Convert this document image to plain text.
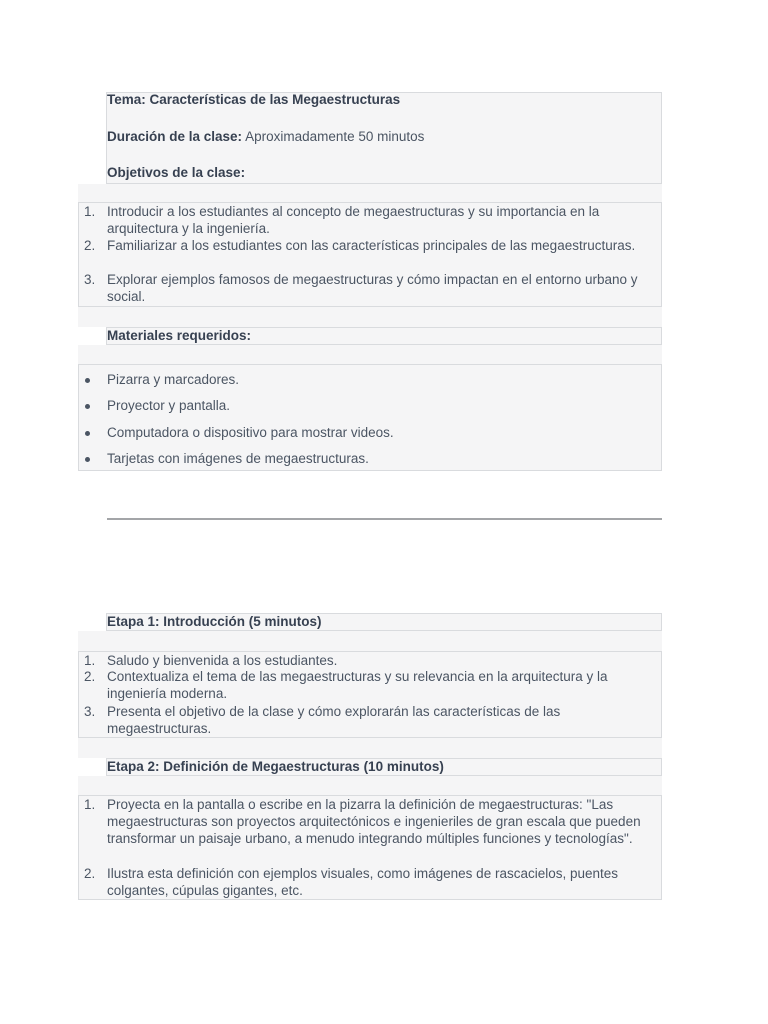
Tema: Características de las Megaestructuras
Duración de la clase: Aproximadamente 50 minutos
Objetivos de la clase:
1. Introducir a los estudiantes al concepto de megaestructuras y su importancia en la arquitectura y la ingeniería.
2. Familiarizar a los estudiantes con las características principales de las megaestructuras.
3. Explorar ejemplos famosos de megaestructuras y cómo impactan en el entorno urbano y social.
Materiales requeridos:
Pizarra y marcadores.
Proyector y pantalla.
Computadora o dispositivo para mostrar videos.
Tarjetas con imágenes de megaestructuras.
Etapa 1: Introducción (5 minutos)
1. Saludo y bienvenida a los estudiantes.
2. Contextualiza el tema de las megaestructuras y su relevancia en la arquitectura y la ingeniería moderna.
3. Presenta el objetivo de la clase y cómo explorarán las características de las megaestructuras.
Etapa 2: Definición de Megaestructuras (10 minutos)
1. Proyecta en la pantalla o escribe en la pizarra la definición de megaestructuras: "Las megaestructuras son proyectos arquitectónicos e ingenieriles de gran escala que pueden transformar un paisaje urbano, a menudo integrando múltiples funciones y tecnologías".
2. Ilustra esta definición con ejemplos visuales, como imágenes de rascacielos, puentes colgantes, cúpulas gigantes, etc.
